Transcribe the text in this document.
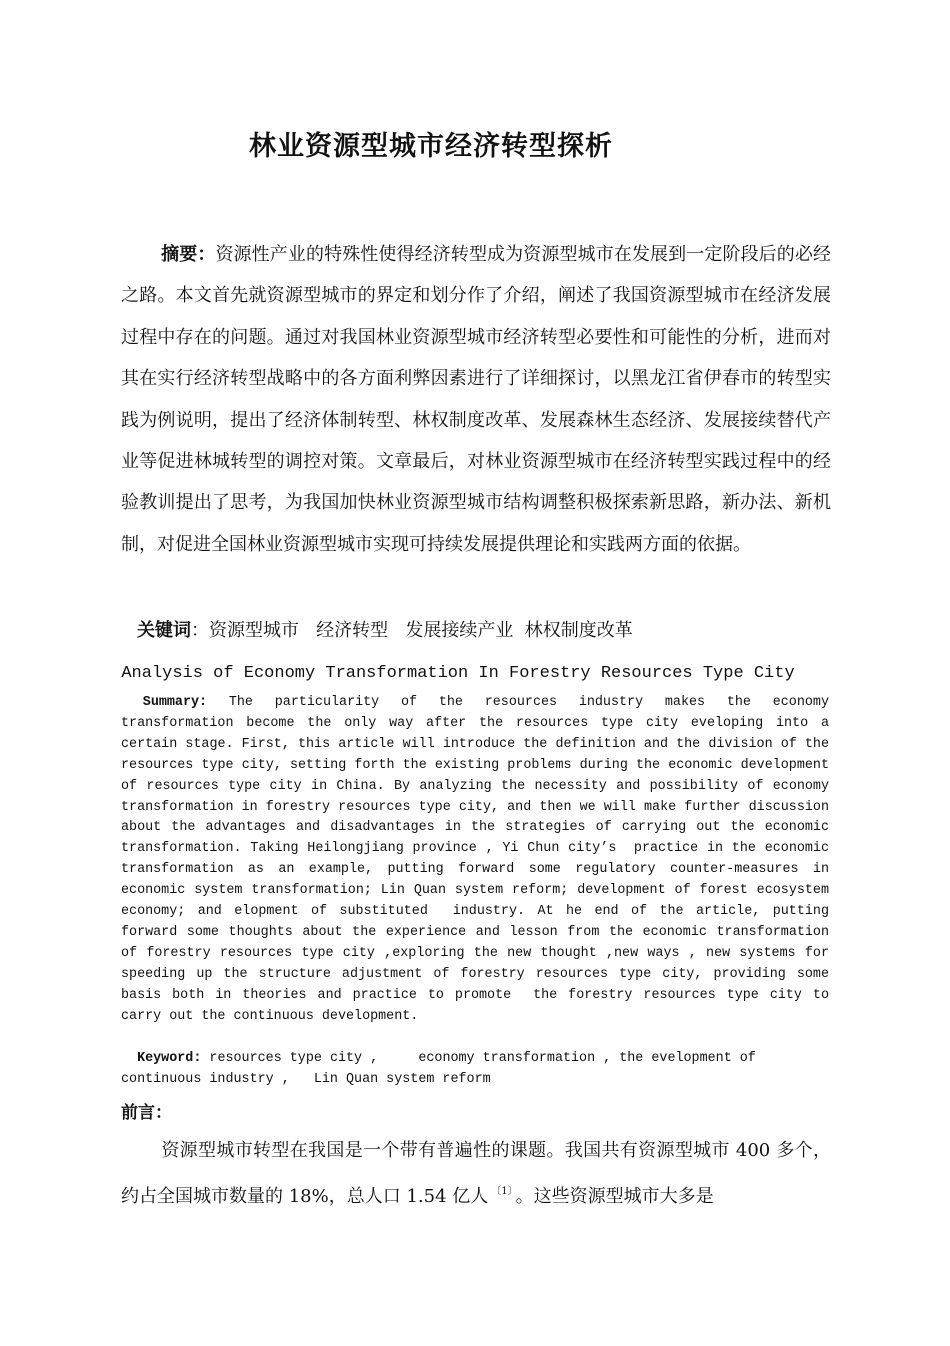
林业资源型城市经济转型探析
摘要：资源性产业的特殊性使得经济转型成为资源型城市在发展到一定阶段后的必经之路。本文首先就资源型城市的界定和划分作了介绍，阐述了我国资源型城市在经济发展过程中存在的问题。通过对我国林业资源型城市经济转型必要性和可能性的分析，进而对其在实行经济转型战略中的各方面利弊因素进行了详细探讨，以黑龙江省伊春市的转型实践为例说明，提出了经济体制转型、林权制度改革、发展森林生态经济、发展接续替代产业等促进林城转型的调控对策。文章最后，对林业资源型城市在经济转型实践过程中的经验教训提出了思考，为我国加快林业资源型城市结构调整积极探索新思路，新办法、新机制，对促进全国林业资源型城市实现可持续发展提供理论和实践两方面的依据。
关键词：资源型城市   经济转型   发展接续产业  林权制度改革
Analysis of Economy Transformation In Forestry Resources Type City
Summary:  The  particularity  of  the  resources  industry  makes  the  economy transformation become the only way after the resources type city eveloping into a certain stage. First, this article will introduce the definition and the division of the resources type city, setting forth the existing problems during the economic development of resources type city in China. By analyzing the necessity and possibility of economy transformation in forestry resources type city, and then we will make further discussion about the advantages and disadvantages in the strategies of carrying out the economic transformation. Taking Heilongjiang province , Yi Chun city’s  practice in the economic transformation as an example, putting forward some regulatory counter-measures in economic system transformation; Lin Quan system reform; development of forest ecosystem economy; and elopment of substituted  industry. At he end of the article, putting forward some thoughts about the experience and lesson from the economic transformation of forestry resources type city ,exploring the new thought ,new ways , new systems for speeding up the structure adjustment of forestry resources type city, providing some basis both in theories and practice to promote  the forestry resources type city to carry out the continuous development.
Keyword: resources type city ,     economy transformation , the evelopment of
continuous industry ,   Lin Quan system reform
前言：
资源型城市转型在我国是一个带有普遍性的课题。我国共有资源型城市 400 多个，约占全国城市数量的 18%，总人口 1.54 亿人 $^{〔1〕}$ 。这些资源型城市大多是
